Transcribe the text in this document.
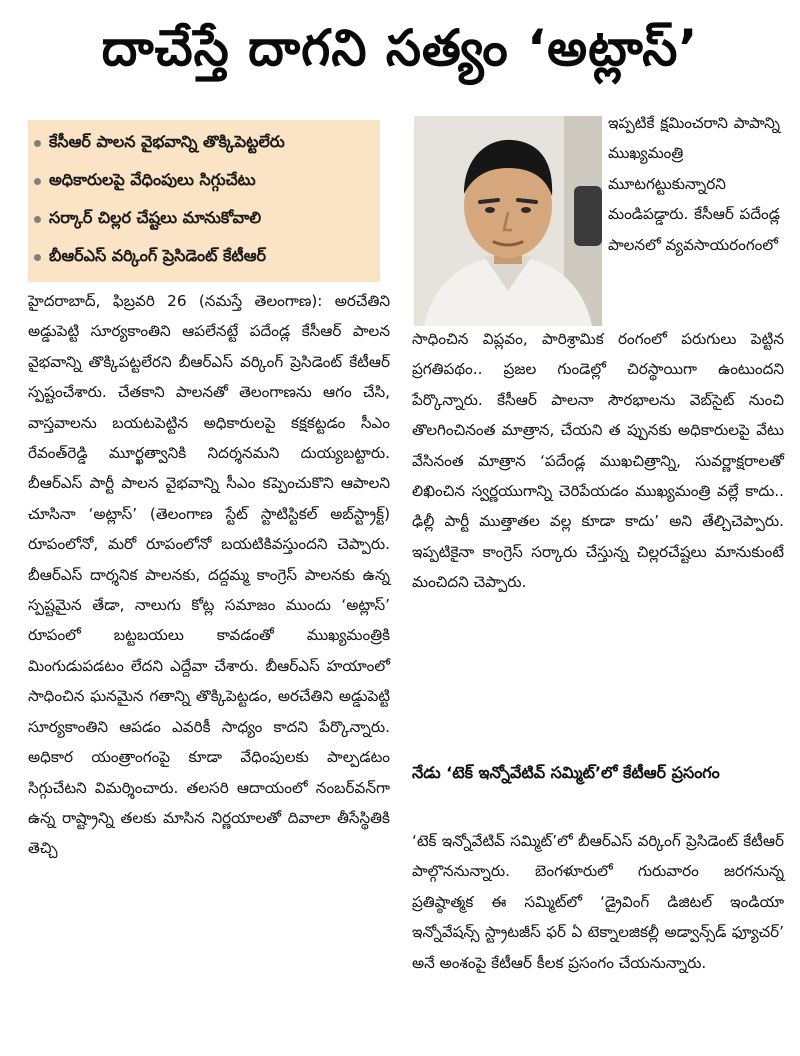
దాచేస్తే దాగని సత్యం ‘అట్లాస్’
కేసీఆర్ పాలన వైభవాన్ని తొక్కిపెట్టలేరు
అధికారులపై వేధింపులు సిగ్గుచేటు
సర్కార్ చిల్లర చేష్టలు మానుకోవాలి
బీఆర్ఎస్ వర్కింగ్ ప్రెసిడెంట్ కేటీఆర్

హైదరాబాద్, ఫిబ్రవరి 26 (నమస్తే తెలంగాణ): అరచేతిని అడ్డుపెట్టి సూర్యకాంతిని ఆపలేనట్టే పదేండ్ల కేసీఆర్ పాలన వైభవాన్ని తొక్కిపట్టలేరని బీఆర్ఎస్ వర్కింగ్ ప్రెసిడెంట్ కేటీఆర్ స్పష్టంచేశారు. చేతకాని పాలనతో తెలంగాణను ఆగం చేసి, వాస్తవాలను బయటపెట్టిన అధికారులపై కక్షకట్టడం సీఎం రేవంత్‌రెడ్డి మూర్ఖత్వానికి నిదర్శనమని దుయ్యబట్టారు. బీఆర్ఎస్ పార్టీ పాలన వైభవాన్ని సీఎం కప్పెంచుకొని ఆపాలని చూసినా ‘అట్లాస్’ (తెలంగాణ స్టేట్ స్టాటిస్టికల్ అబ్‌స్ట్రాక్ట్) రూపంలోనో, మరో రూపంలోనో బయటికివస్తుందని చెప్పారు. బీఆర్ఎస్ దార్శనిక పాలనకు, దద్దమ్మ కాంగ్రెస్ పాలనకు ఉన్న స్పష్టమైన తేడా, నాలుగు కోట్ల సమాజం ముందు ‘అట్లాస్’ రూపంలో బట్టబయలు కావడంతో ముఖ్యమంత్రికి మింగుడుపడటం లేదని ఎద్దేవా చేశారు. బీఆర్ఎస్ హయాంలో సాధించిన ఘనమైన గతాన్ని తొక్కిపెట్టడం, అరచేతిని అడ్డుపెట్టి సూర్యకాంతిని ఆపడం ఎవరికీ సాధ్యం కాదని పేర్కొన్నారు. అధికార యంత్రాంగంపై కూడా వేధింపులకు పాల్పడటం సిగ్గుచేటని విమర్శించారు. తలసరి ఆదాయంలో నంబర్‌వన్‌గా ఉన్న రాష్ట్రాన్ని తలకు మాసిన నిర్ణయాలతో దివాలా తీసేస్థితికి తెచ్చి

ఇప్పటికే క్షమించరాని పాపాన్ని ముఖ్యమంత్రి మూటగట్టుకున్నారని మండిపడ్డారు. కేసీఆర్ పదేండ్ల పాలనలో వ్యవసాయరంగంలో

సాధించిన విప్లవం, పారిశ్రామిక రంగంలో పరుగులు పెట్టిన ప్రగతిపథం.. ప్రజల గుండెల్లో చిరస్థాయిగా ఉంటుందని పేర్కొన్నారు. కేసీఆర్ పాలనా సౌరభాలను వెబ్‌సైట్ నుంచి తొలగించినంత మాత్రాన, చేయని త ప్పునకు అధికారులపై వేటు వేసినంత మాత్రాన ‘పదేండ్ల ముఖచిత్రాన్ని, సువర్ణాక్షరాలతో లిఖించిన స్వర్ణయుగాన్ని చెరిపేయడం ముఖ్యమంత్రి వల్లే కాదు.. ఢిల్లీ పార్టీ ముత్తాతల వల్ల కూడా కాదు’ అని తేల్చిచెప్పారు. ఇప్పటికైనా కాంగ్రెస్ సర్కారు చేస్తున్న చిల్లరచేష్టలు మానుకుంటే మంచిదని చెప్పారు.

నేడు ‘టెక్ ఇన్నోవేటివ్ సమ్మిట్’లో కేటీఆర్ ప్రసంగం

‘టెక్ ఇన్నోవేటివ్ సమ్మిట్’లో బీఆర్ఎస్ వర్కింగ్ ప్రెసిడెంట్ కేటీఆర్ పాల్గొననున్నారు. బెంగళూరులో గురువారం జరగనున్న ప్రతిష్ఠాత్మక ఈ సమ్మిట్‌లో ‘డ్రైవింగ్ డిజిటల్ ఇండియా ఇన్నోవేషన్స్ స్ట్రాటజీస్ ఫర్ ఏ టెక్నాలజికల్లీ అడ్వాన్స్‌డ్ ఫ్యూచర్’ అనే అంశంపై కేటీఆర్ కీలక ప్రసంగం చేయనున్నారు.
